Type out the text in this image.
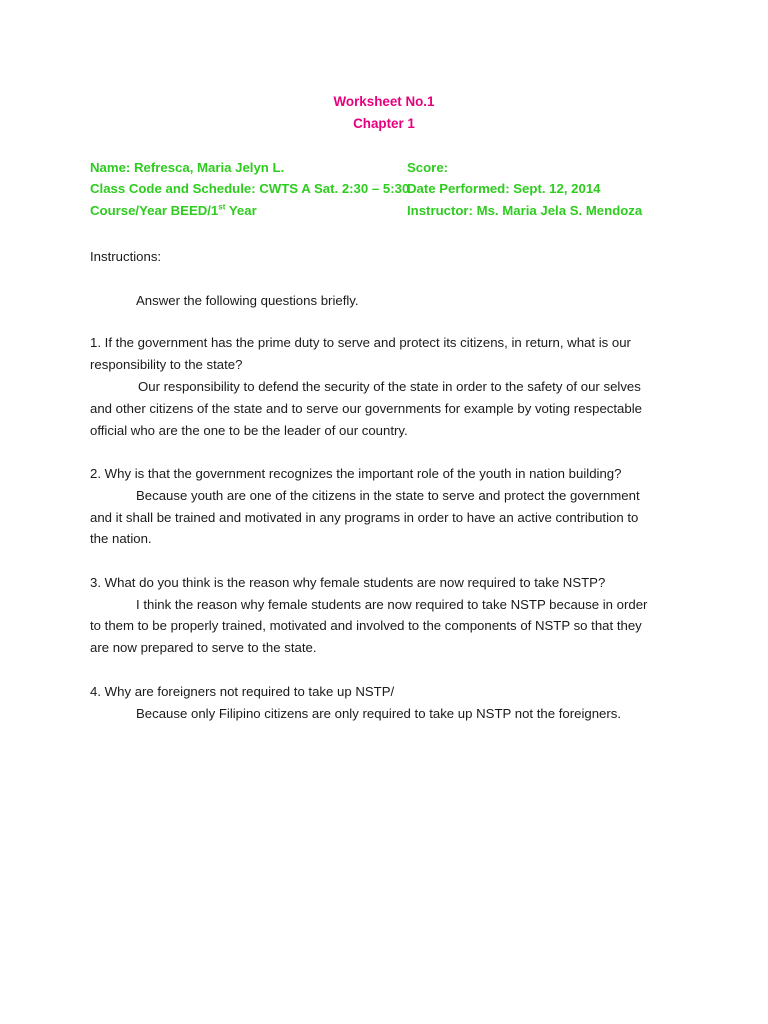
Worksheet No.1
Chapter 1
Name: Refresca, Maria Jelyn L.
Class Code and Schedule: CWTS A Sat. 2:30 – 5:30
Course/Year BEED/1st Year
Score:
Date Performed: Sept. 12, 2014
Instructor: Ms. Maria Jela S. Mendoza
Instructions:
Answer the following questions briefly.
1. If the government has the prime duty to serve and protect its citizens, in return, what is our
responsibility to the state?
Our responsibility to defend the security of the state in order to the safety of our selves
and other citizens of the state and to serve our governments for example by voting respectable
official who are the one to be the leader of our country.
2. Why is that the government recognizes the important role of the youth in nation building?
Because youth are one of the citizens in the state to serve and protect the government
and it shall be trained and motivated in any programs in order to have an active contribution to
the nation.
3. What do you think is the reason why female students are now required to take NSTP?
I think the reason why female students are now required to take NSTP because in order
to them to be properly trained, motivated and involved to the components of NSTP so that they
are now prepared to serve to the state.
4. Why are foreigners not required to take up NSTP/
Because only Filipino citizens are only required to take up NSTP not the foreigners.
